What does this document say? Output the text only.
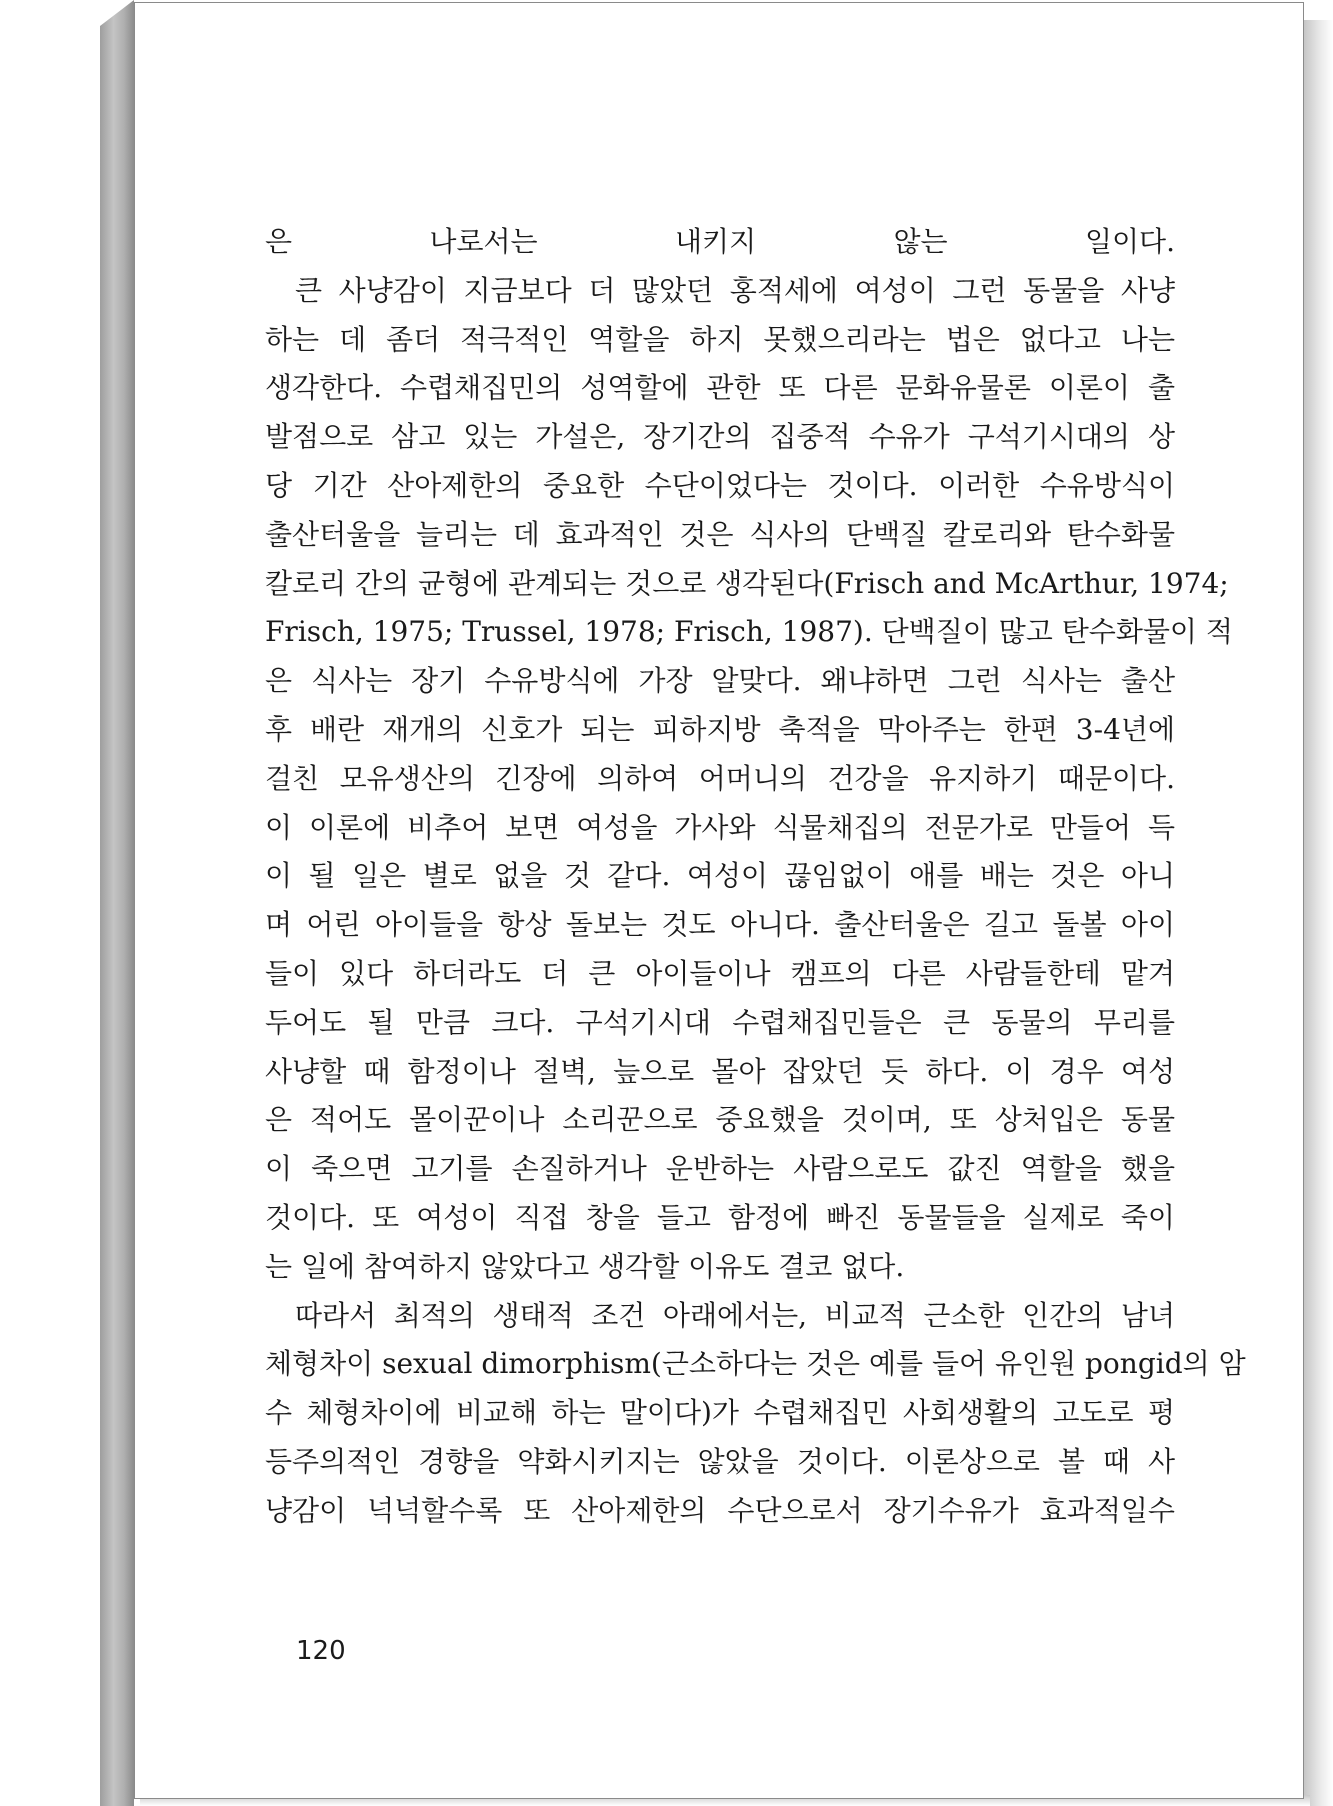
은 나로서는 내키지 않는 일이다.
큰 사냥감이 지금보다 더 많았던 홍적세에 여성이 그런 동물을 사냥
하는 데 좀더 적극적인 역할을 하지 못했으리라는 법은 없다고 나는
생각한다. 수렵채집민의 성역할에 관한 또 다른 문화유물론 이론이 출
발점으로 삼고 있는 가설은, 장기간의 집중적 수유가 구석기시대의 상
당 기간 산아제한의 중요한 수단이었다는 것이다. 이러한 수유방식이
출산터울을 늘리는 데 효과적인 것은 식사의 단백질 칼로리와 탄수화물
칼로리 간의 균형에 관계되는 것으로 생각된다(Frisch and McArthur, 1974;
Frisch, 1975; Trussel, 1978; Frisch, 1987). 단백질이 많고 탄수화물이 적
은 식사는 장기 수유방식에 가장 알맞다. 왜냐하면 그런 식사는 출산
후 배란 재개의 신호가 되는 피하지방 축적을 막아주는 한편 3-4년에
걸친 모유생산의 긴장에 의하여 어머니의 건강을 유지하기 때문이다.
이 이론에 비추어 보면 여성을 가사와 식물채집의 전문가로 만들어 득
이 될 일은 별로 없을 것 같다. 여성이 끊임없이 애를 배는 것은 아니
며 어린 아이들을 항상 돌보는 것도 아니다. 출산터울은 길고 돌볼 아이
들이 있다 하더라도 더 큰 아이들이나 캠프의 다른 사람들한테 맡겨
두어도 될 만큼 크다. 구석기시대 수렵채집민들은 큰 동물의 무리를
사냥할 때 함정이나 절벽, 늪으로 몰아 잡았던 듯 하다. 이 경우 여성
은 적어도 몰이꾼이나 소리꾼으로 중요했을 것이며, 또 상처입은 동물
이 죽으면 고기를 손질하거나 운반하는 사람으로도 값진 역할을 했을
것이다. 또 여성이 직접 창을 들고 함정에 빠진 동물들을 실제로 죽이
는 일에 참여하지 않았다고 생각할 이유도 결코 없다.
따라서 최적의 생태적 조건 아래에서는, 비교적 근소한 인간의 남녀
체형차이 sexual dimorphism(근소하다는 것은 예를 들어 유인원 pongid의 암
수 체형차이에 비교해 하는 말이다)가 수렵채집민 사회생활의 고도로 평
등주의적인 경향을 약화시키지는 않았을 것이다. 이론상으로 볼 때 사
냥감이 넉넉할수록 또 산아제한의 수단으로서 장기수유가 효과적일수
120
